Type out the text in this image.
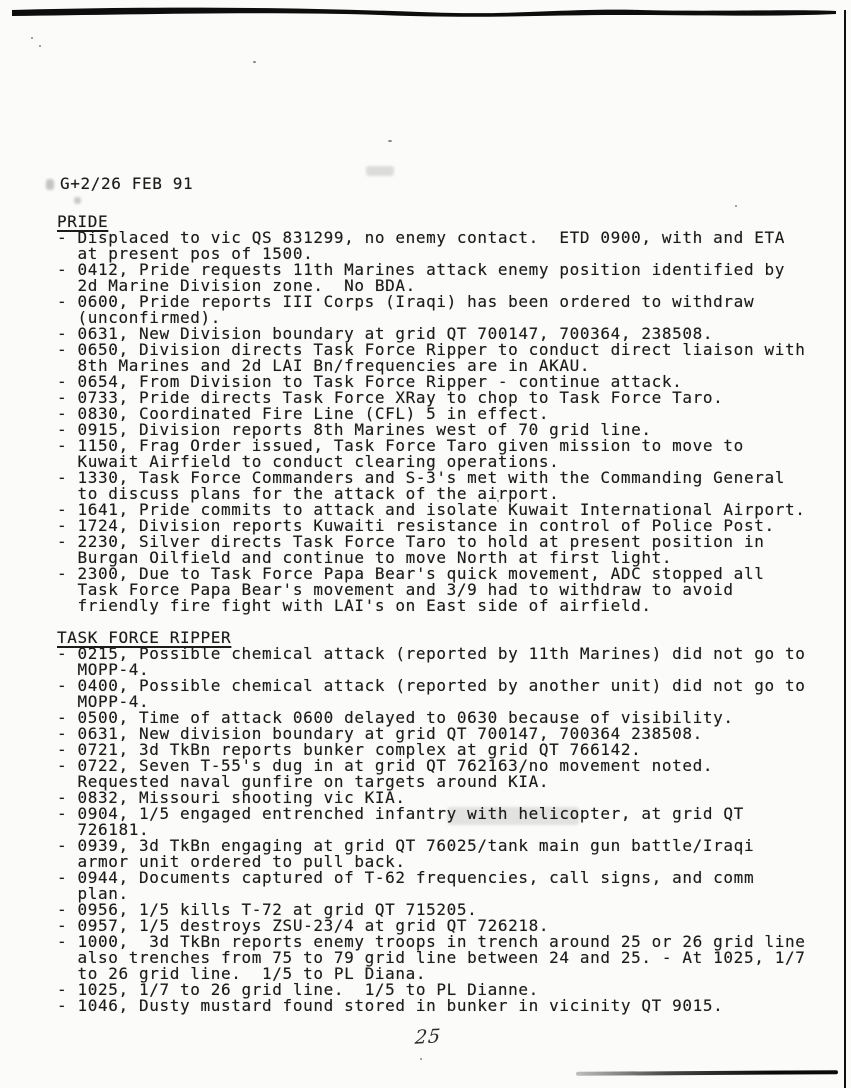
G+2/26 FEB 91
PRIDE
- Displaced to vic QS 831299, no enemy contact.  ETD 0900, with and ETA
at present pos of 1500.
- 0412, Pride requests 11th Marines attack enemy position identified by
2d Marine Division zone.  No BDA.
- 0600, Pride reports III Corps (Iraqi) has been ordered to withdraw
(unconfirmed).
- 0631, New Division boundary at grid QT 700147, 700364, 238508.
- 0650, Division directs Task Force Ripper to conduct direct liaison with
8th Marines and 2d LAI Bn/frequencies are in AKAU.
- 0654, From Division to Task Force Ripper - continue attack.
- 0733, Pride directs Task Force XRay to chop to Task Force Taro.
- 0830, Coordinated Fire Line (CFL) 5 in effect.
- 0915, Division reports 8th Marines west of 70 grid line.
- 1150, Frag Order issued, Task Force Taro given mission to move to
Kuwait Airfield to conduct clearing operations.
- 1330, Task Force Commanders and S-3's met with the Commanding General
to discuss plans for the attack of the airport.
- 1641, Pride commits to attack and isolate Kuwait International Airport.
- 1724, Division reports Kuwaiti resistance in control of Police Post.
- 2230, Silver directs Task Force Taro to hold at present position in
Burgan Oilfield and continue to move North at first light.
- 2300, Due to Task Force Papa Bear's quick movement, ADC stopped all
Task Force Papa Bear's movement and 3/9 had to withdraw to avoid
friendly fire fight with LAI's on East side of airfield.
TASK FORCE RIPPER
- 0215, Possible chemical attack (reported by 11th Marines) did not go to
MOPP-4.
- 0400, Possible chemical attack (reported by another unit) did not go to
MOPP-4.
- 0500, Time of attack 0600 delayed to 0630 because of visibility.
- 0631, New division boundary at grid QT 700147, 700364 238508.
- 0721, 3d TkBn reports bunker complex at grid QT 766142.
- 0722, Seven T-55's dug in at grid QT 762163/no movement noted.
Requested naval gunfire on targets around KIA.
- 0832, Missouri shooting vic KIA.
- 0904, 1/5 engaged entrenched infantry with helicopter, at grid QT
726181.
- 0939, 3d TkBn engaging at grid QT 76025/tank main gun battle/Iraqi
armor unit ordered to pull back.
- 0944, Documents captured of T-62 frequencies, call signs, and comm
plan.
- 0956, 1/5 kills T-72 at grid QT 715205.
- 0957, 1/5 destroys ZSU-23/4 at grid QT 726218.
- 1000,  3d TkBn reports enemy troops in trench around 25 or 26 grid line
also trenches from 75 to 79 grid line between 24 and 25. - At 1025, 1/7
to 26 grid line.  1/5 to PL Diana.
- 1025, 1/7 to 26 grid line.  1/5 to PL Dianne.
- 1046, Dusty mustard found stored in bunker in vicinity QT 9015.
25
